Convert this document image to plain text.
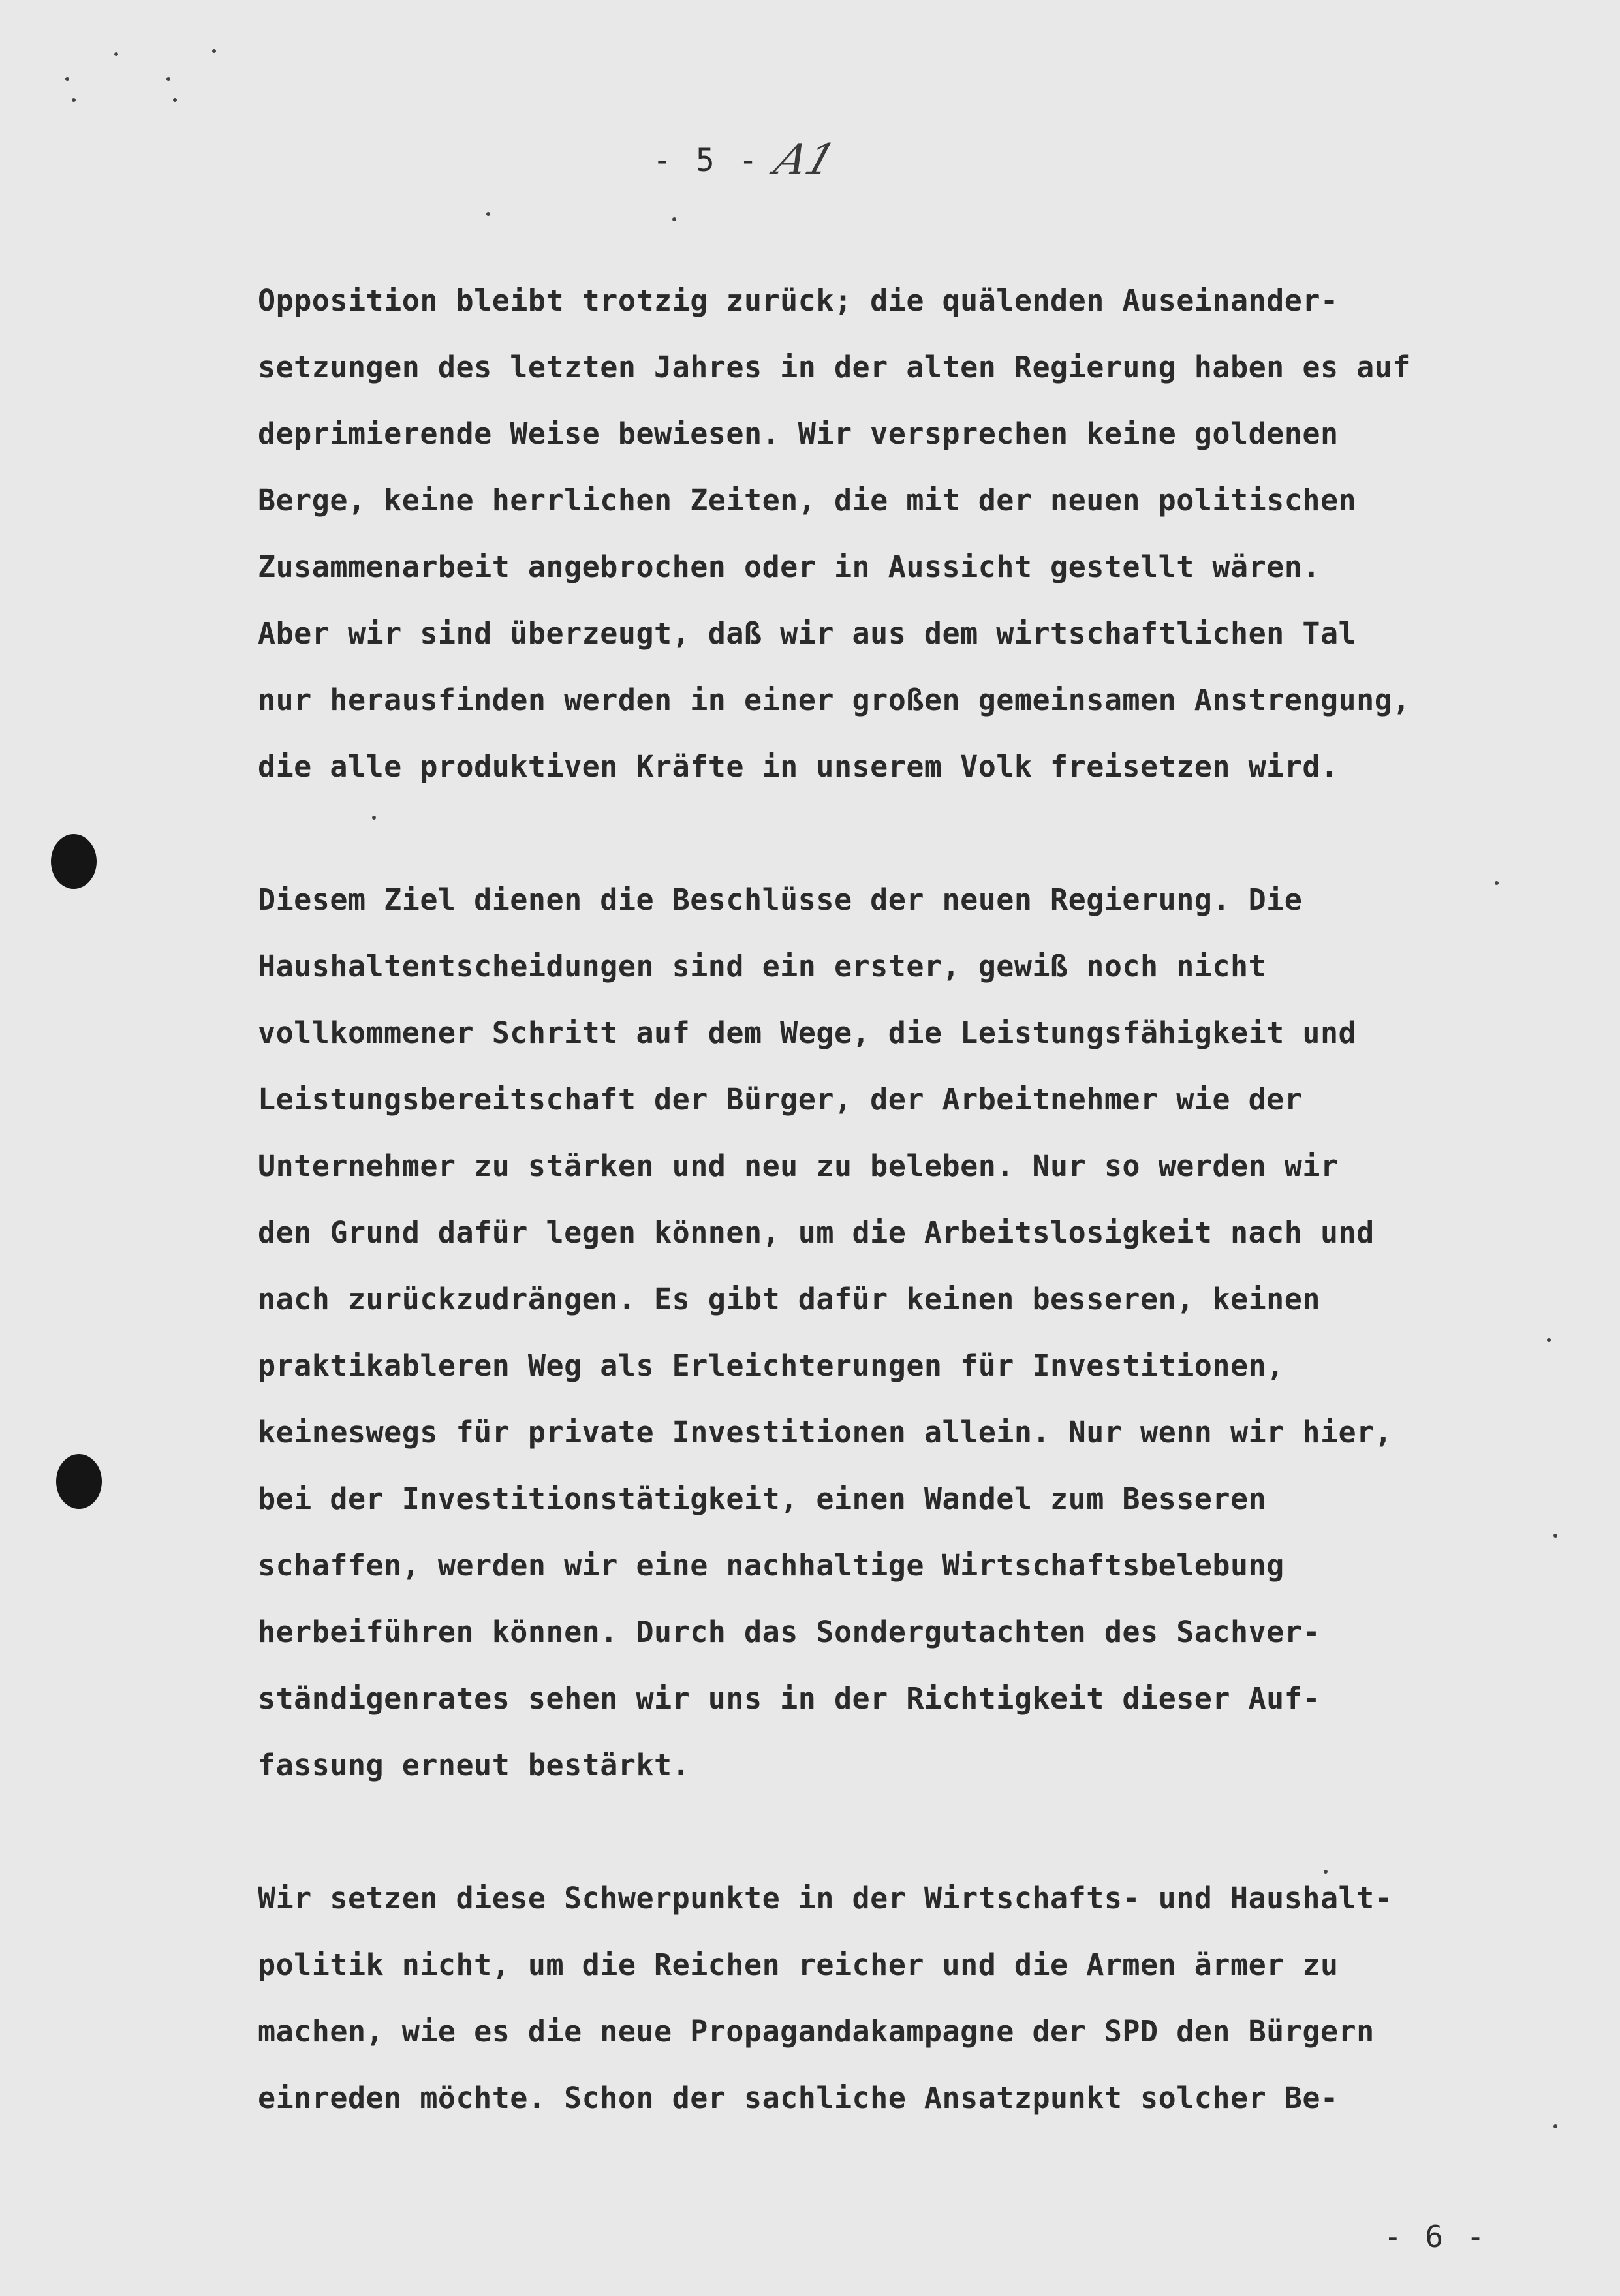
- 5 - A1
Opposition bleibt trotzig zurück; die quälenden Auseinander-
setzungen des letzten Jahres in der alten Regierung haben es auf
deprimierende Weise bewiesen. Wir versprechen keine goldenen
Berge, keine herrlichen Zeiten, die mit der neuen politischen
Zusammenarbeit angebrochen oder in Aussicht gestellt wären.
Aber wir sind überzeugt, daß wir aus dem wirtschaftlichen Tal
nur herausfinden werden in einer großen gemeinsamen Anstrengung,
die alle produktiven Kräfte in unserem Volk freisetzen wird.
Diesem Ziel dienen die Beschlüsse der neuen Regierung. Die
Haushaltentscheidungen sind ein erster, gewiß noch nicht
vollkommener Schritt auf dem Wege, die Leistungsfähigkeit und
Leistungsbereitschaft der Bürger, der Arbeitnehmer wie der
Unternehmer zu stärken und neu zu beleben. Nur so werden wir
den Grund dafür legen können, um die Arbeitslosigkeit nach und
nach zurückzudrängen. Es gibt dafür keinen besseren, keinen
praktikableren Weg als Erleichterungen für Investitionen,
keineswegs für private Investitionen allein. Nur wenn wir hier,
bei der Investitionstätigkeit, einen Wandel zum Besseren
schaffen, werden wir eine nachhaltige Wirtschaftsbelebung
herbeiführen können. Durch das Sondergutachten des Sachver-
ständigenrates sehen wir uns in der Richtigkeit dieser Auf-
fassung erneut bestärkt.
Wir setzen diese Schwerpunkte in der Wirtschafts- und Haushalt-
politik nicht, um die Reichen reicher und die Armen ärmer zu
machen, wie es die neue Propagandakampagne der SPD den Bürgern
einreden möchte. Schon der sachliche Ansatzpunkt solcher Be-
- 6 -
